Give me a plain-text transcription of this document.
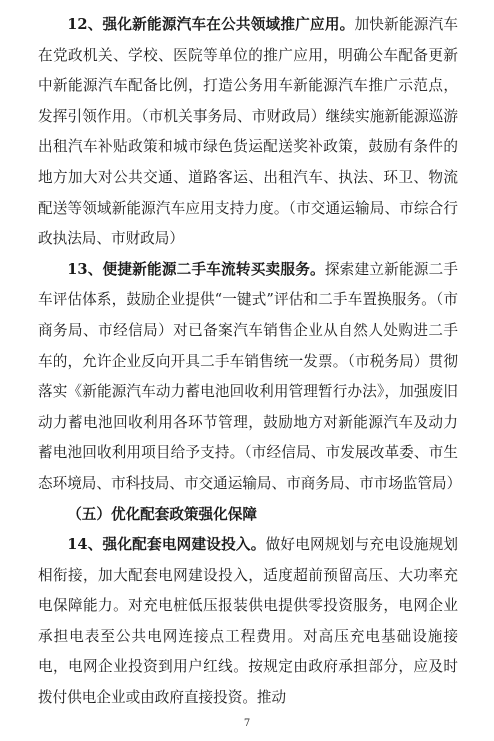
12、强化新能源汽车在公共领域推广应用。加快新能源汽车在党政机关、学校、医院等单位的推广应用，明确公车配备更新中新能源汽车配备比例，打造公务用车新能源汽车推广示范点，发挥引领作用。（市机关事务局、市财政局）继续实施新能源巡游出租汽车补贴政策和城市绿色货运配送奖补政策，鼓励有条件的地方加大对公共交通、道路客运、出租汽车、执法、环卫、物流配送等领域新能源汽车应用支持力度。（市交通运输局、市综合行政执法局、市财政局）

13、便捷新能源二手车流转买卖服务。探索建立新能源二手车评估体系，鼓励企业提供“一键式”评估和二手车置换服务。（市商务局、市经信局）对已备案汽车销售企业从自然人处购进二手车的，允许企业反向开具二手车销售统一发票。（市税务局）贯彻落实《新能源汽车动力蓄电池回收利用管理暂行办法》，加强废旧动力蓄电池回收利用各环节管理，鼓励地方对新能源汽车及动力蓄电池回收利用项目给予支持。（市经信局、市发展改革委、市生态环境局、市科技局、市交通运输局、市商务局、市市场监管局）

（五）优化配套政策强化保障

14、强化配套电网建设投入。做好电网规划与充电设施规划相衔接，加大配套电网建设投入，适度超前预留高压、大功率充电保障能力。对充电桩低压报装供电提供零投资服务，电网企业承担电表至公共电网连接点工程费用。对高压充电基础设施接电，电网企业投资到用户红线。按规定由政府承担部分，应及时拨付供电企业或由政府直接投资。推动

7
